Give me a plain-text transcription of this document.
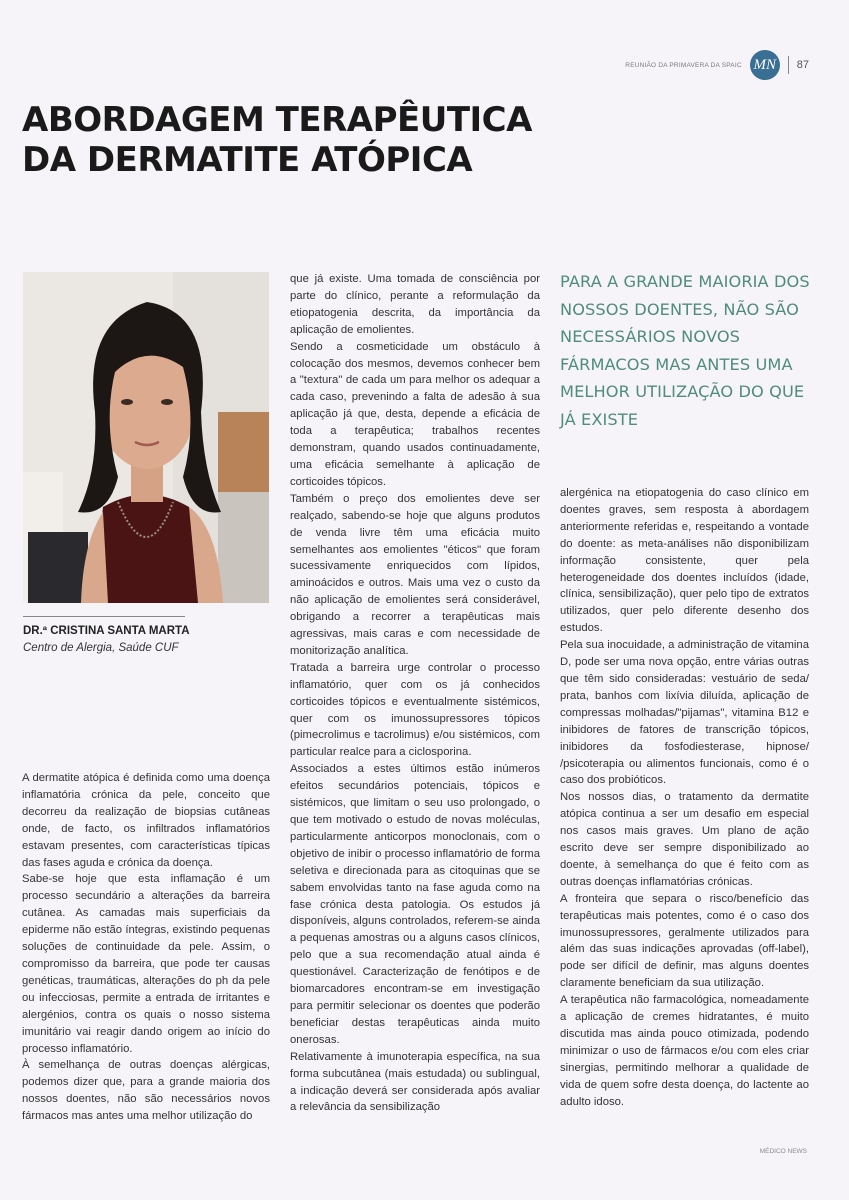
REUNIÃO DA PRIMAVERA DA SPAIC MN	87
ABORDAGEM TERAPÊUTICA
DA DERMATITE ATÓPICA
DR.ª CRISTINA SANTA MARTA
Centro de Alergia, Saúde CUF

A dermatite atópica é definida como uma doença inflamatória crónica da pele, conceito que decorreu da realização de biopsias cutâneas onde, de facto, os infiltrados inflamatórios estavam presentes, com características típicas das fases aguda e crónica da doença.

Sabe-se hoje que esta inflamação é um processo secundário a alterações da barreira cutânea. As camadas mais superficiais da epiderme não estão íntegras, existindo pequenas soluções de continuidade da pele. Assim, o compromisso da barreira, que pode ter causas genéticas, traumáticas, alterações do ph da pele ou infecciosas, permite a entrada de irritantes e alergénios, contra os quais o nosso sistema imunitário vai reagir dando origem ao início do processo inflamatório.

À semelhança de outras doenças alérgicas, podemos dizer que, para a grande maioria dos nossos doentes, não são necessários novos fármacos mas antes uma melhor utilização do

que já existe. Uma tomada de consciência por parte do clínico, perante a reformulação da etiopatogenia descrita, da importância da aplicação de emolientes.

Sendo a cosmeticidade um obstáculo à colocação dos mesmos, devemos conhecer bem a "textura" de cada um para melhor os adequar a cada caso, prevenindo a falta de adesão à sua aplicação já que, desta, depende a eficácia de toda a terapêutica; trabalhos recentes demonstram, quando usados continuadamente, uma eficácia semelhante à aplicação de corticoides tópicos.

Também o preço dos emolientes deve ser realçado, sabendo-se hoje que alguns produtos de venda livre têm uma eficácia muito semelhantes aos emolientes "éticos" que foram sucessivamente enriquecidos com lípidos, aminoácidos e outros. Mais uma vez o custo da não aplicação de emolientes será considerável, obrigando a recorrer a terapêuticas mais agressivas, mais caras e com necessidade de monitorização analítica.

Tratada a barreira urge controlar o processo inflamatório, quer com os já conhecidos corticoides tópicos e eventualmente sistémicos, quer com os imunossupressores tópicos (pimecrolimus e tacrolimus) e/ou sistémicos, com particular realce para a ciclosporina.

Associados a estes últimos estão inúmeros efeitos secundários potenciais, tópicos e sistémicos, que limitam o seu uso prolongado, o que tem motivado o estudo de novas moléculas, particularmente anticorpos monoclonais, com o objetivo de inibir o processo inflamatório de forma seletiva e direcionada para as citoquinas que se sabem envolvidas tanto na fase aguda como na fase crónica desta patologia. Os estudos já disponíveis, alguns controlados, referem-se ainda a pequenas amostras ou a alguns casos clínicos, pelo que a sua recomendação atual ainda é questionável. Caracterização de fenótipos e de biomarcadores encontram-se em investigação para permitir selecionar os doentes que poderão beneficiar destas terapêuticas ainda muito onerosas.

Relativamente à imunoterapia específica, na sua forma subcutânea (mais estudada) ou sublingual, a indicação deverá ser considerada após avaliar a relevância da sensibilização

PARA A GRANDE MAIORIA DOS NOSSOS DOENTES, NÃO SÃO NECESSÁRIOS NOVOS FÁRMACOS MAS ANTES UMA MELHOR UTILIZAÇÃO DO QUE JÁ EXISTE

alergénica na etiopatogenia do caso clínico em doentes graves, sem resposta à abordagem anteriormente referidas e, respeitando a vontade do doente: as meta-análises não disponibilizam informação consistente, quer pela heterogeneidade dos doentes incluídos (idade, clínica, sensibilização), quer pelo tipo de extratos utilizados, quer pelo diferente desenho dos estudos.

Pela sua inocuidade, a administração de vitamina D, pode ser uma nova opção, entre várias outras que têm sido consideradas: vestuário de seda/ prata, banhos com lixívia diluída, aplicação de compressas molhadas/"pijamas", vitamina B12 e inibidores de fatores de transcrição tópicos, inibidores da fosfodiesterase, hipnose/ /psicoterapia ou alimentos funcionais, como é o caso dos probióticos.

Nos nossos dias, o tratamento da dermatite atópica continua a ser um desafio em especial nos casos mais graves. Um plano de ação escrito deve ser sempre disponibilizado ao doente, à semelhança do que é feito com as outras doenças inflamatórias crónicas.

A fronteira que separa o risco/benefício das terapêuticas mais potentes, como é o caso dos imunossupressores, geralmente utilizados para além das suas indicações aprovadas (off-label), pode ser difícil de definir, mas alguns doentes claramente beneficiam da sua utilização.

A terapêutica não farmacológica, nomeadamente a aplicação de cremes hidratantes, é muito discutida mas ainda pouco otimizada, podendo minimizar o uso de fármacos e/ou com eles criar sinergias, permitindo melhorar a qualidade de vida de quem sofre desta doença, do lactente ao adulto idoso.

MÉDICO NEWS
